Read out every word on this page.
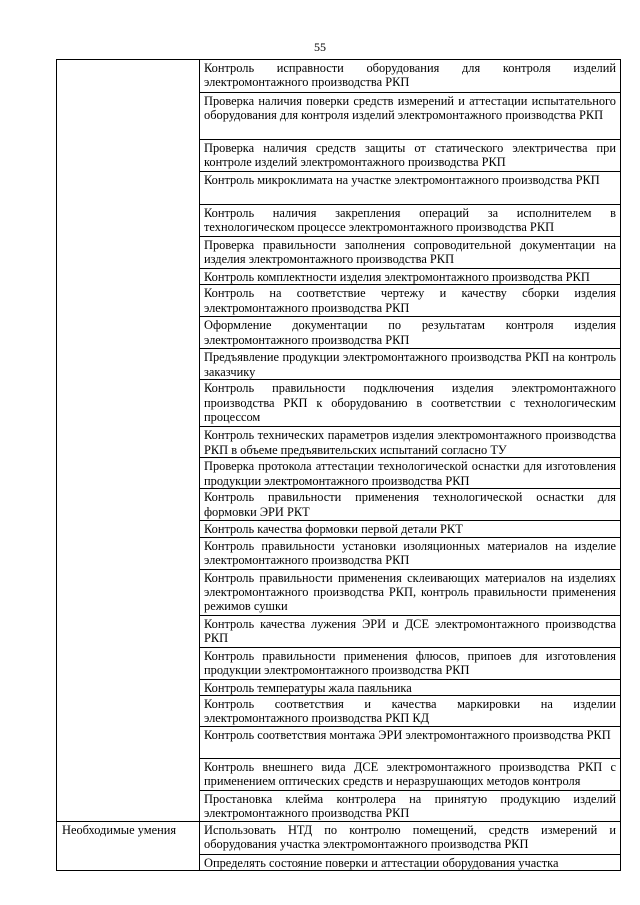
55

	Контроль исправности оборудования для контроля изделий электромонтажного производства РКП

	Проверка наличия поверки средств измерений и аттестации испытательного оборудования для контроля изделий электромонтажного производства РКП

	Проверка наличия средств защиты от статического электричества при контроле изделий электромонтажного производства РКП

	Контроль микроклимата на участке электромонтажного производства РКП

	Контроль наличия закрепления операций за исполнителем в технологическом процессе электромонтажного производства РКП

	Проверка правильности заполнения сопроводительной документации на изделия электромонтажного производства РКП

	Контроль комплектности изделия электромонтажного производства РКП

	Контроль на соответствие чертежу и качеству сборки изделия электромонтажного производства РКП

	Оформление документации по результатам контроля изделия электромонтажного производства РКП

	Предъявление продукции электромонтажного производства РКП на контроль заказчику

	Контроль правильности подключения изделия электромонтажного производства РКП к оборудованию в соответствии с технологическим процессом

	Контроль технических параметров изделия электромонтажного производства РКП в объеме предъявительских испытаний согласно ТУ

	Проверка протокола аттестации технологической оснастки для изготовления продукции электромонтажного производства РКП

	Контроль правильности применения технологической оснастки для формовки ЭРИ РКТ

	Контроль качества формовки первой детали РКТ

	Контроль правильности установки изоляционных материалов на изделие электромонтажного производства РКП

	Контроль правильности применения склеивающих материалов на изделиях электромонтажного производства РКП, контроль правильности применения режимов сушки

	Контроль качества лужения ЭРИ и ДСЕ электромонтажного производства РКП

	Контроль правильности применения флюсов, припоев для изготовления продукции электромонтажного производства РКП

	Контроль температуры жала паяльника

	Контроль соответствия и качества маркировки на изделии электромонтажного производства РКП КД

	Контроль соответствия монтажа ЭРИ электромонтажного производства РКП

	Контроль внешнего вида ДСЕ электромонтажного производства РКП с применением оптических средств и неразрушающих методов контроля

	Простановка клейма контролера на принятую продукцию изделий электромонтажного производства РКП

Необходимые умения	Использовать НТД по контролю помещений, средств измерений и оборудования участка электромонтажного производства РКП

	Определять состояние поверки и аттестации оборудования участка
